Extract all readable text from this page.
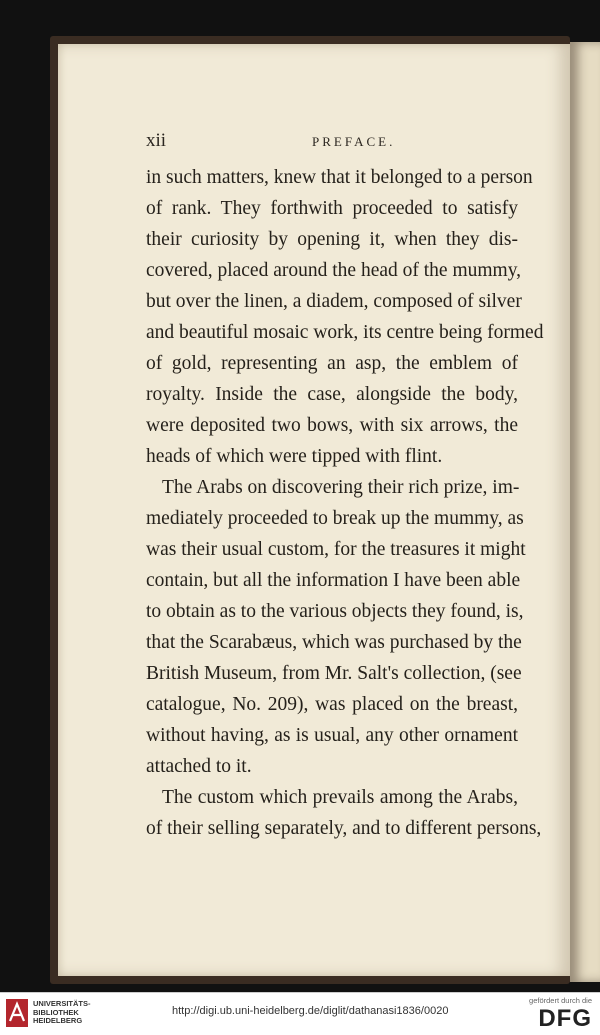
xii	PREFACE.
in such matters, knew that it belonged to a person
of rank. They forthwith proceeded to satisfy
their curiosity by opening it, when they dis-
covered, placed around the head of the mummy,
but over the linen, a diadem, composed of silver
and beautiful mosaic work, its centre being formed
of gold, representing an asp, the emblem of
royalty. Inside the case, alongside the body,
were deposited two bows, with six arrows, the
heads of which were tipped with flint.
The Arabs on discovering their rich prize, im-
mediately proceeded to break up the mummy, as
was their usual custom, for the treasures it might
contain, but all the information I have been able
to obtain as to the various objects they found, is,
that the Scarabæus, which was purchased by the
British Museum, from Mr. Salt's collection, (see
catalogue, No. 209), was placed on the breast,
without having, as is usual, any other ornament
attached to it.
The custom which prevails among the Arabs,
of their selling separately, and to different persons,
UNIVERSITÄTS-
BIBLIOTHEK
HEIDELBERG
http://digi.ub.uni-heidelberg.de/diglit/dathanasi1836/0020
gefördert durch die
DFG
